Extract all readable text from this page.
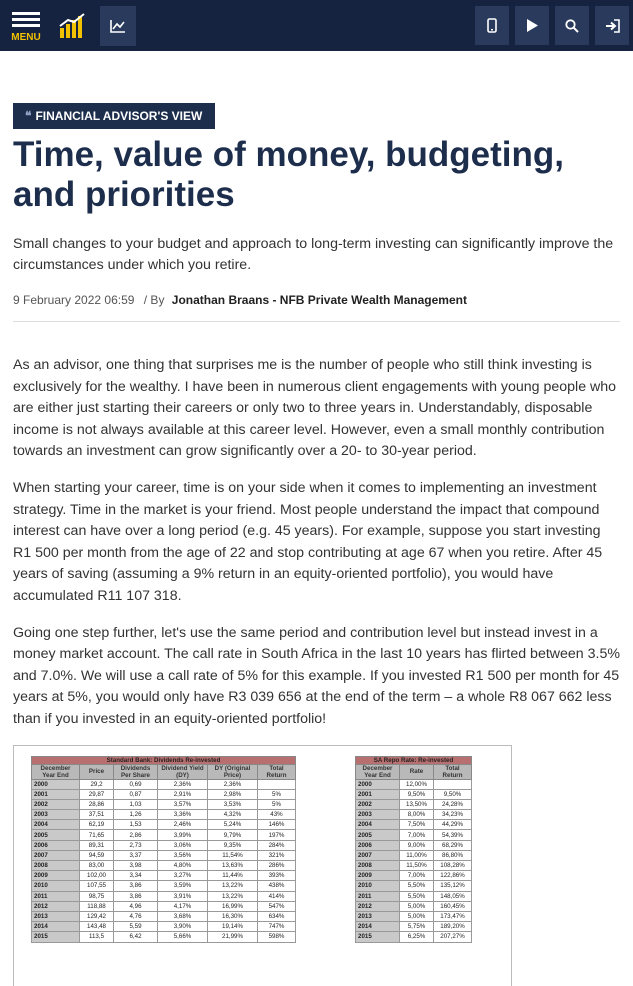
MENU
❝ FINANCIAL ADVISOR'S VIEW
Time, value of money, budgeting, and priorities

Small changes to your budget and approach to long-term investing can significantly improve the circumstances under which you retire.

9 February 2022 06:59 / By Jonathan Braans - NFB Private Wealth Management

As an advisor, one thing that surprises me is the number of people who still think investing is exclusively for the wealthy. I have been in numerous client engagements with young people who are either just starting their careers or only two to three years in. Understandably, disposable income is not always available at this career level. However, even a small monthly contribution towards an investment can grow significantly over a 20- to 30-year period.

When starting your career, time is on your side when it comes to implementing an investment strategy. Time in the market is your friend. Most people understand the impact that compound interest can have over a long period (e.g. 45 years). For example, suppose you start investing R1 500 per month from the age of 22 and stop contributing at age 67 when you retire. After 45 years of saving (assuming a 9% return in an equity-oriented portfolio), you would have accumulated R11 107 318.

Going one step further, let's use the same period and contribution level but instead invest in a money market account. The call rate in South Africa in the last 10 years has flirted between 3.5% and 7.0%. We will use a call rate of 5% for this example. If you invested R1 500 per month for 45 years at 5%, you would only have R3 039 656 at the end of the term – a whole R8 067 662 less than if you invested in an equity-oriented portfolio!

Standard Bank: Dividends Re-invested					
December Year End	Price	Dividends Per Share	Dividend Yield (DY)	DY (Original Price)	Total Return
2000	29,2	0,69	2,36%	2,36%	
2001	29,87	0,87	2,91%	2,98%	5%
2002	28,86	1,03	3,57%	3,53%	5%
2003	37,51	1,26	3,36%	4,32%	43%
2004	62,19	1,53	2,46%	5,24%	146%
2005	71,65	2,86	3,99%	9,79%	197%
2006	89,31	2,73	3,06%	9,35%	284%
2007	94,59	3,37	3,56%	11,54%	321%
2008	83,00	3,98	4,80%	13,63%	286%
2009	102,00	3,34	3,27%	11,44%	393%
2010	107,55	3,86	3,59%	13,22%	438%
2011	98,75	3,86	3,91%	13,22%	414%
2012	118,88	4,96	4,17%	16,99%	547%
2013	129,42	4,76	3,68%	16,30%	634%
2014	143,48	5,59	3,90%	19,14%	747%
2015	113,5	6,42	5,66%	21,99%	598%
SA Repo Rate: Re-invested		
December Year End	Rate	Total Return
2000	12,00%	
2001	9,50%	9,50%
2002	13,50%	24,28%
2003	8,00%	34,23%
2004	7,50%	44,29%
2005	7,00%	54,39%
2006	9,00%	68,29%
2007	11,00%	86,80%
2008	11,50%	108,28%
2009	7,00%	122,86%
2010	5,50%	135,12%
2011	5,50%	148,05%
2012	5,00%	160,45%
2013	5,00%	173,47%
2014	5,75%	189,20%
2015	6,25%	207,27%
